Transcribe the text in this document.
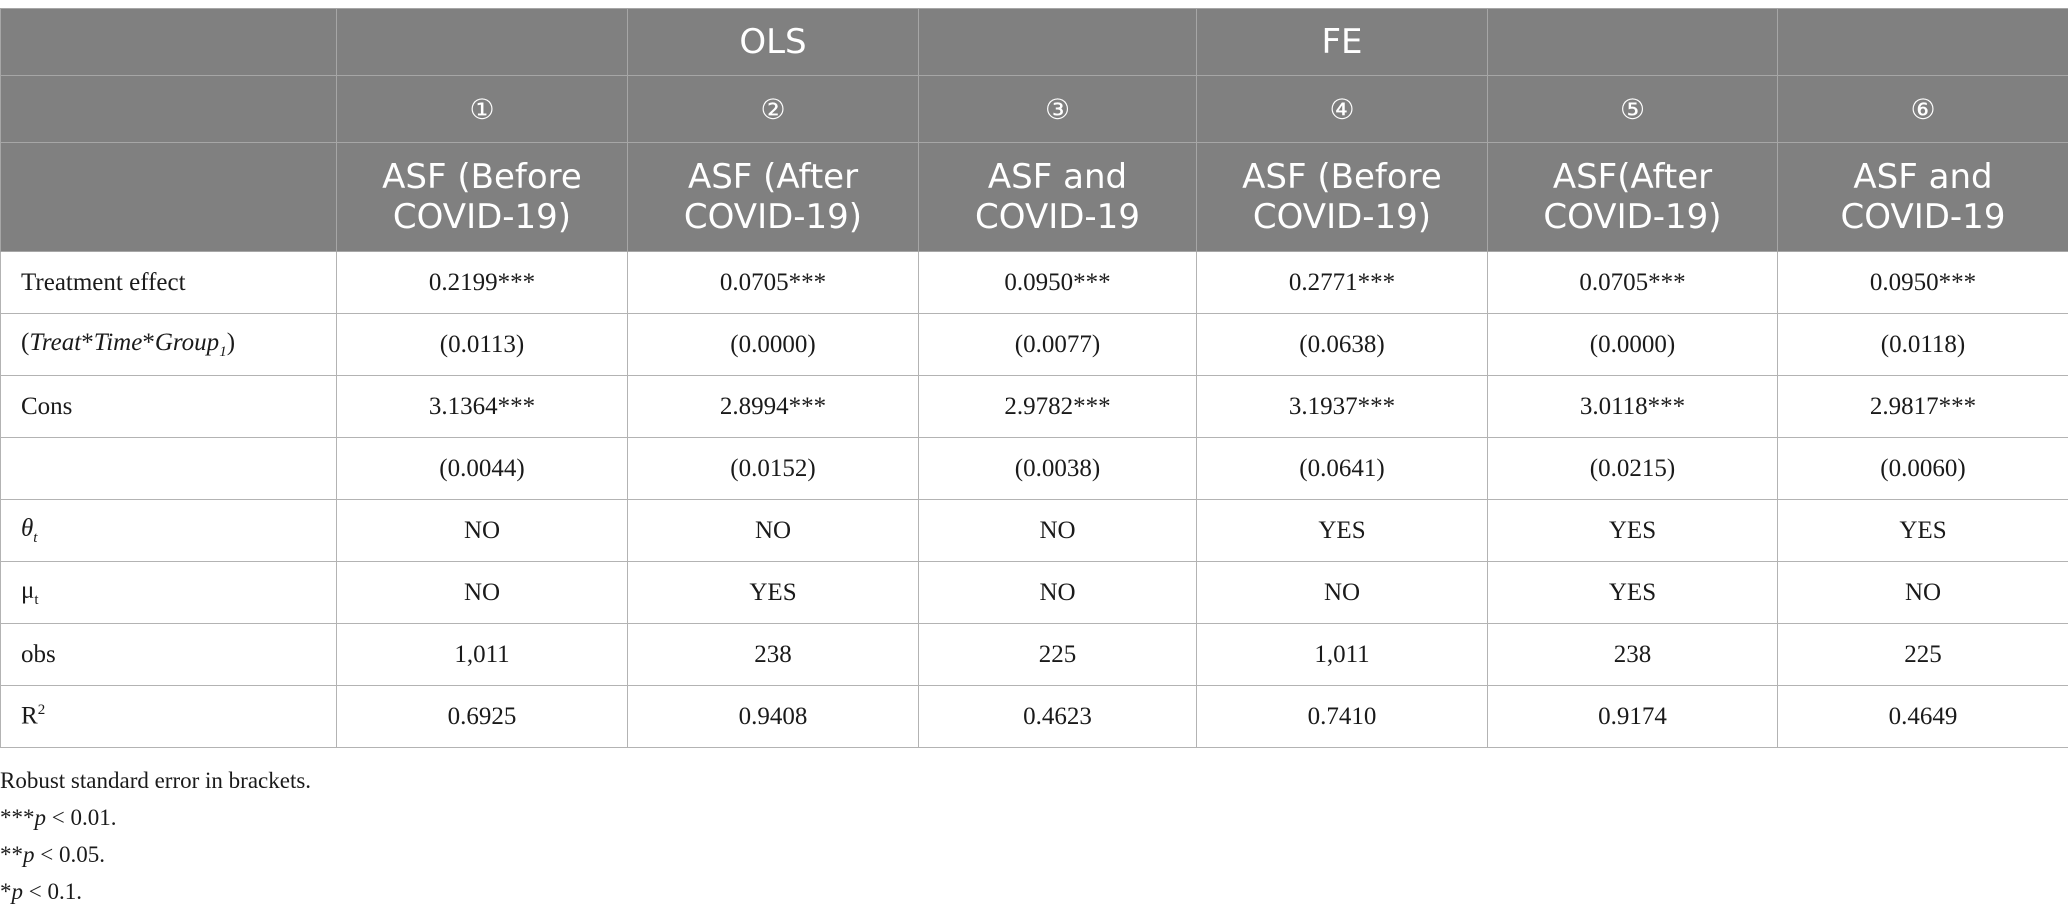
		OLS		FE		
	①	②	③	④	⑤	⑥

	ASF (Before COVID-19)	ASF (After COVID-19)	ASF and COVID-19	ASF (Before COVID-19)	ASF(After COVID-19)	ASF and COVID-19

Treatment effect	0.2199***	0.0705***	0.0950***	0.2771***	0.0705***	0.0950***
(Treat*Time*Group$_1$)	(0.0113)	(0.0000)	(0.0077)	(0.0638)	(0.0000)	(0.0118)
Cons	3.1364***	2.8994***	2.9782***	3.1937***	3.0118***	2.9817***
	(0.0044)	(0.0152)	(0.0038)	(0.0641)	(0.0215)	(0.0060)
$\theta_t$	NO	NO	NO	YES	YES	YES
$\mu_t$	NO	YES	NO	NO	YES	NO
obs	1,011	238	225	1,011	238	225
$R^2$	0.6925	0.9408	0.4623	0.7410	0.9174	0.4649
Robust standard error in brackets.
***p < 0.01.
**p < 0.05.
*p < 0.1.
